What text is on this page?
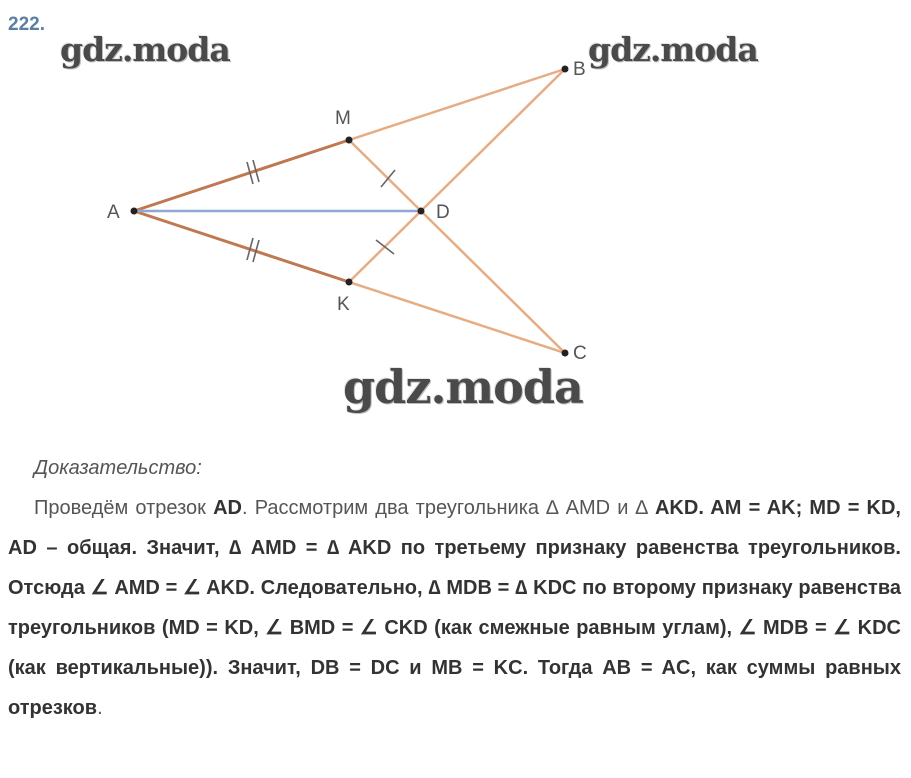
222.
A
M
K
D
B
C
gdz.moda	gdz.moda
gdz.moda
Доказательство:
Проведём отрезок AD. Рассмотрим два треугольника ∆ AMD и ∆ AKD. AM = AK; MD = KD, AD – общая. Значит, ∆ AMD = ∆ AKD по третьему признаку равенства треугольников. Отсюда ∠ AMD = ∠ AKD. Следовательно, ∆ MDB = ∆ KDC по второму признаку равенства треугольников (MD = KD, ∠ BMD = ∠ CKD (как смежные равным углам), ∠ MDB = ∠ KDC (как вертикальные)). Значит, DB = DC и MB = KC. Тогда AB = AC, как суммы равных отрезков.
